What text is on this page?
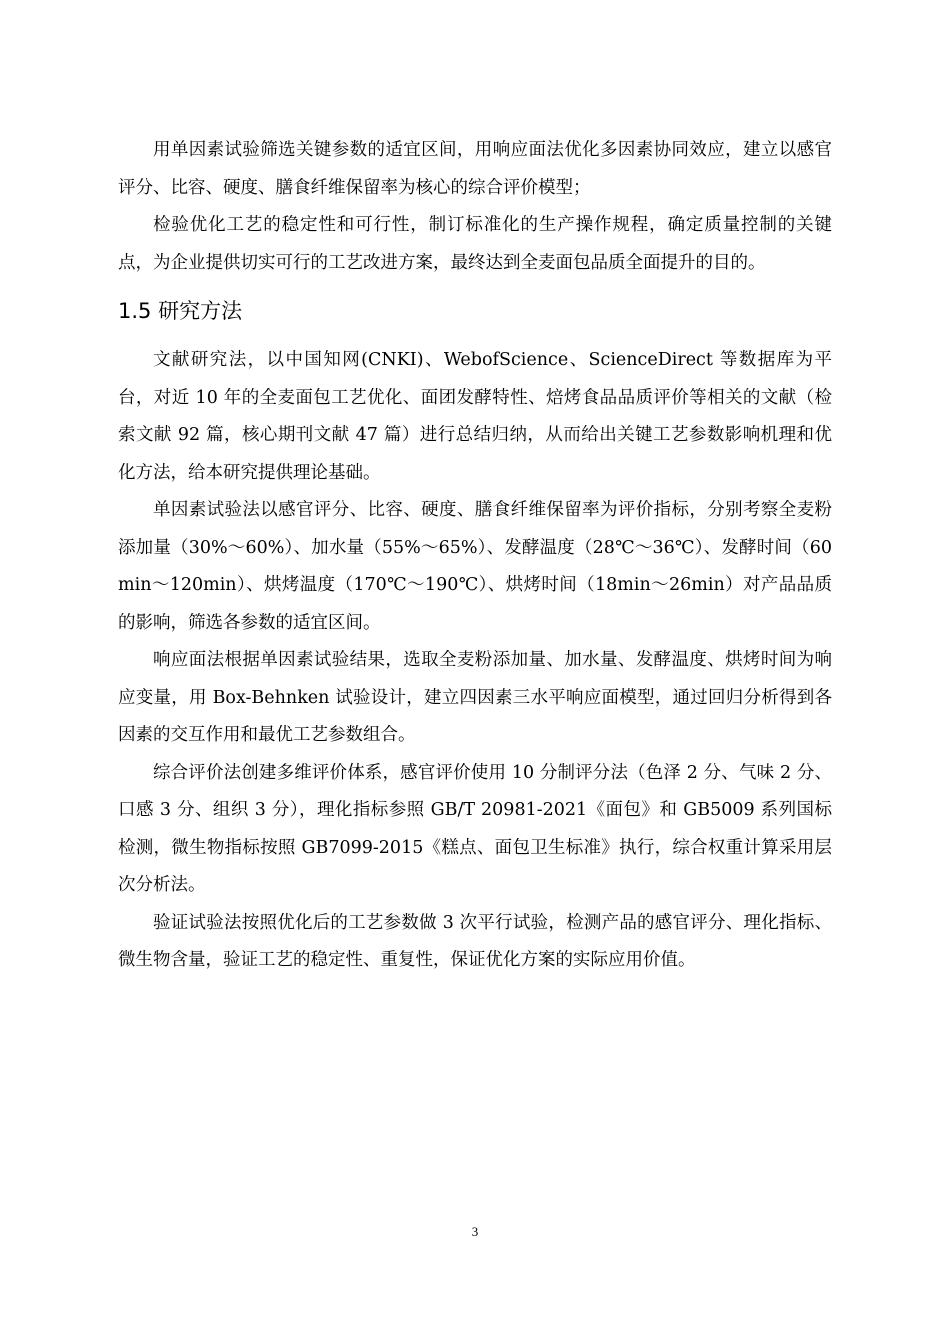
用单因素试验筛选关键参数的适宜区间，用响应面法优化多因素协同效应，建立以感官评分、比容、硬度、膳食纤维保留率为核心的综合评价模型；

检验优化工艺的稳定性和可行性，制订标准化的生产操作规程，确定质量控制的关键点，为企业提供切实可行的工艺改进方案，最终达到全麦面包品质全面提升的目的。

1.5 研究方法

文献研究法，以中国知网(CNKI)、WebofScience、ScienceDirect 等数据库为平台，对近 10 年的全麦面包工艺优化、面团发酵特性、焙烤食品品质评价等相关的文献（检索文献 92 篇，核心期刊文献 47 篇）进行总结归纳，从而给出关键工艺参数影响机理和优化方法，给本研究提供理论基础。

单因素试验法以感官评分、比容、硬度、膳食纤维保留率为评价指标，分别考察全麦粉添加量（30%～60%）、加水量（55%～65%）、发酵温度（28℃～36℃）、发酵时间（60min～120min）、烘烤温度（170℃～190℃）、烘烤时间（18min～26min）对产品品质的影响，筛选各参数的适宜区间。

响应面法根据单因素试验结果，选取全麦粉添加量、加水量、发酵温度、烘烤时间为响应变量，用 Box-Behnken 试验设计，建立四因素三水平响应面模型，通过回归分析得到各因素的交互作用和最优工艺参数组合。

综合评价法创建多维评价体系，感官评价使用 10 分制评分法（色泽 2 分、气味 2 分、口感 3 分、组织 3 分），理化指标参照 GB/T 20981-2021《面包》和 GB5009 系列国标检测，微生物指标按照 GB7099-2015《糕点、面包卫生标准》执行，综合权重计算采用层次分析法。

验证试验法按照优化后的工艺参数做 3 次平行试验，检测产品的感官评分、理化指标、微生物含量，验证工艺的稳定性、重复性，保证优化方案的实际应用价值。

3
